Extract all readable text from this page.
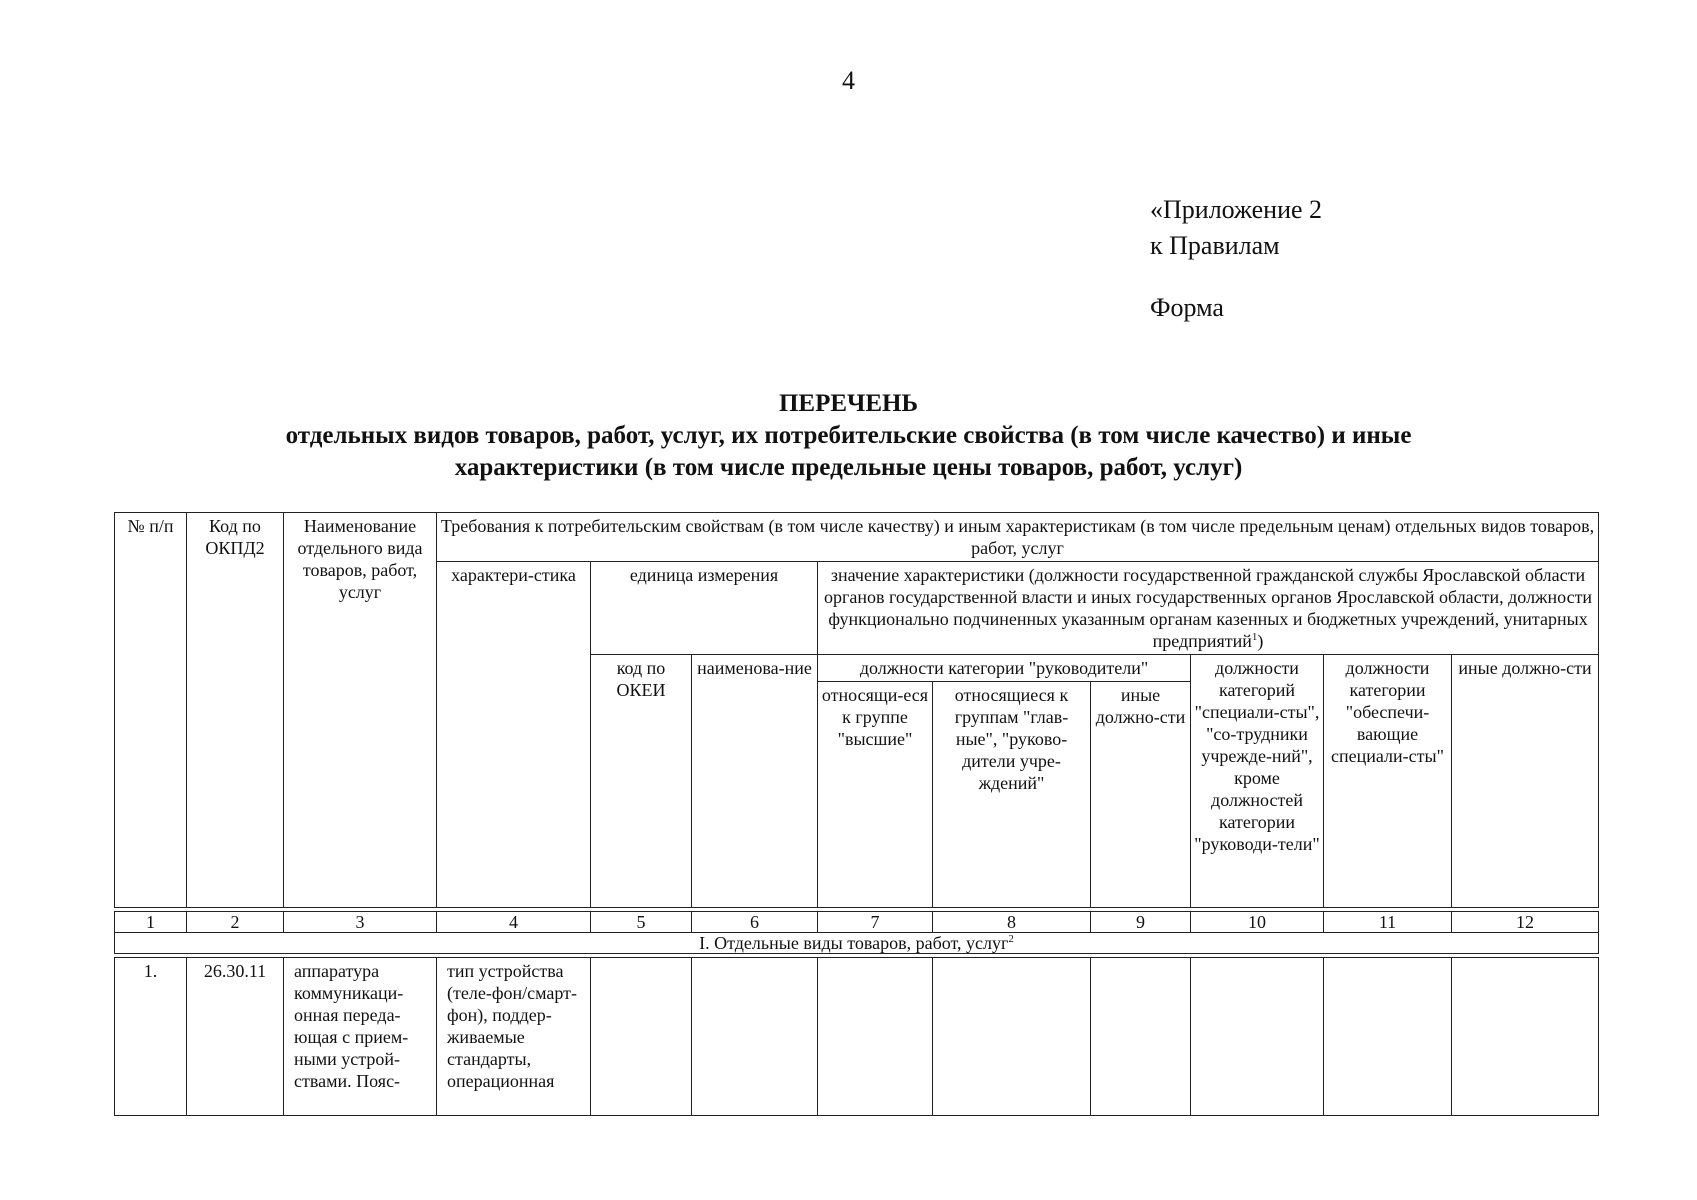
4
«Приложение 2
к Правилам
Форма
ПЕРЕЧЕНЬ
отдельных видов товаров, работ, услуг, их потребительские свойства (в том числе качество) и иные
характеристики (в том числе предельные цены товаров, работ, услуг)
№ п/п	Код по ОКПД2	Наименование отдельного вида товаров, работ, услуг	Требования к потребительским свойствам (в том числе качеству) и иным характеристикам (в том числе предельным ценам) отдельных видов товаров, работ, услуг								
			характери-стика	единица измерения		значение характеристики (должности государственной гражданской службы Ярославской области органов государственной власти и иных государственных органов Ярославской области, должности функционально подчиненных указанным органам казенных и бюджетных учреждений, унитарных предприятий$^1$)					
				код по ОКЕИ	наименова-ние	должности категории "руководители"			должности категорий "специали-сты", "со-трудники учрежде-ний", кроме должностей категории "руководи-тели"	должности категории "обеспечи-вающие специали-сты"	иные должно-сти
						относящи-еся к группе "высшие"	относящиеся к группам "глав-ные", "руково-дители учре-ждений"	иные должно-сти			

1	2	3	4	5	6	7	8	9	10	11	12
I. Отдельные виды товаров, работ, услуг$^2$

1.	26.30.11	аппаратура коммуникаци-онная переда-ющая с прием-ными устрой-ствами. Пояс-	тип устройства (теле-фон/смарт-фон), поддер-живаемые стандарты, операционная								
